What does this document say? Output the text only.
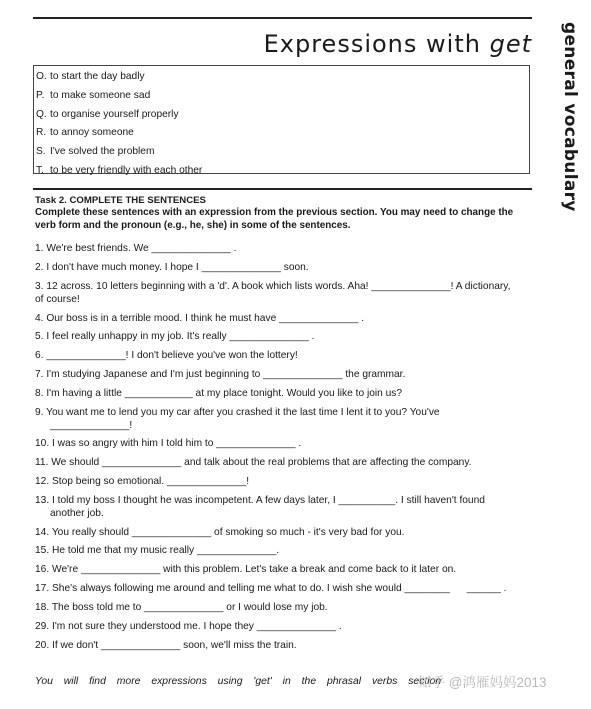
Expressions with get general vocabulary
O. to start the day badly
P. to make someone sad
Q. to organise yourself properly
R. to annoy someone
S. I've solved the problem
T. to be very friendly with each other
Task 2. COMPLETE THE SENTENCES
Complete these sentences with an expression from the previous section. You may need to change the verb form and the pronoun (e.g., he, she) in some of the sentences.
1. We're best friends. We ______________ .
2. I don't have much money. I hope I ______________ soon.
3. 12 across. 10 letters beginning with a 'd'. A book which lists words. Aha! ______________! A dictionary,
of course!
4. Our boss is in a terrible mood. I think he must have ______________ .
5. I feel really unhappy in my job. It's really ______________ .
6. ______________! I don't believe you've won the lottery!
7. I'm studying Japanese and I'm just beginning to ______________ the grammar.
8. I'm having a little ____________ at my place tonight. Would you like to join us?
9. You want me to lend you my car after you crashed it the last time I lent it to you? You've
______________!
10. I was so angry with him I told him to ______________ .
11. We should ______________ and talk about the real problems that are affecting the company.
12. Stop being so emotional. ______________!
13. I told my boss I thought he was incompetent. A few days later, I __________. I still haven't found
another job.
14. You really should ______________ of smoking so much - it's very bad for you.
15. He told me that my music really ______________.
16. We're ______________ with this problem. Let's take a break and come back to it later on.
17. She's always following me around and telling me what to do. I wish she would ________      ______ .
18. The boss told me to ______________ or I would lose my job.
29. I'm not sure they understood me. I hope they ______________ .
20. If we don't ______________ soon, we'll miss the train.
You will find more expressions using 'get' in the phrasal verbs section
知乎 @鸿雁妈妈2013
